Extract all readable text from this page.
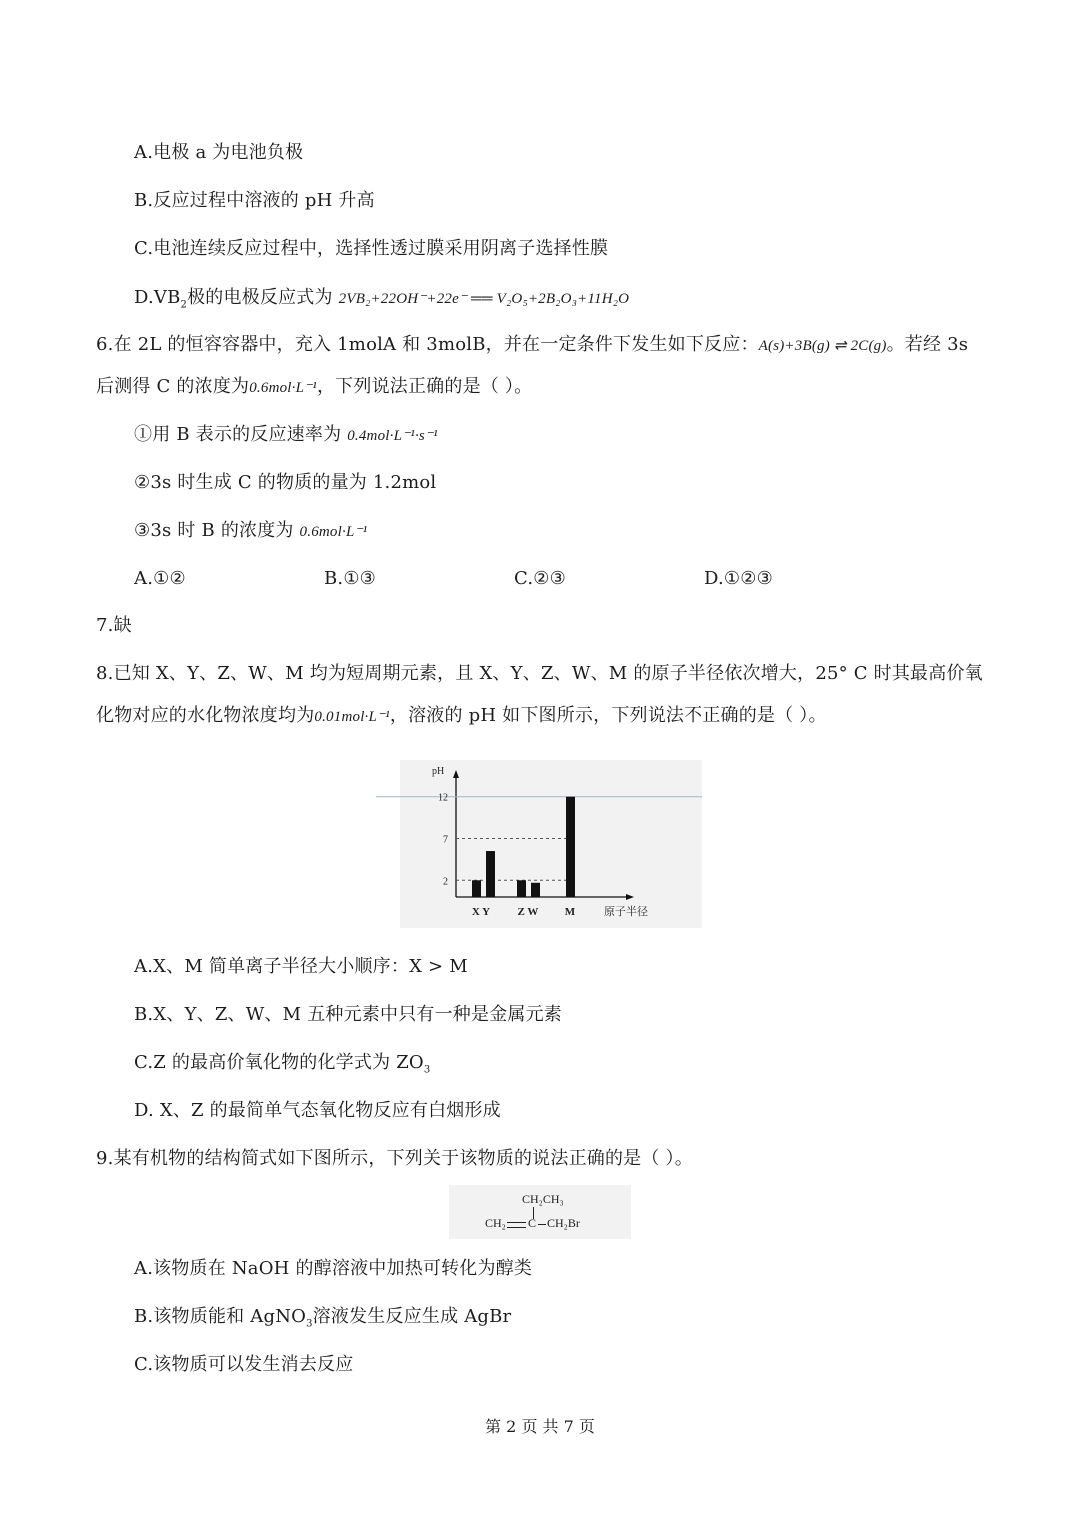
A.电极 a 为电池负极
B.反应过程中溶液的 pH 升高
C.电池连续反应过程中，选择性透过膜采用阴离子选择性膜
$D.VB_2$极的电极反应式为 2VB₂+22OH⁻+22e⁻ ══ V₂O₅+2B₂O₃+11H₂O
6.在 2L 的恒容容器中，充入 1molA 和 3molB，并在一定条件下发生如下反应：A(s)+3B(g) ⇌ 2C(g)。若经 3s
后测得 C 的浓度为0.6mol·L⁻¹，下列说法正确的是（ ）。
①用 B 表示的反应速率为 0.4mol·L⁻¹·s⁻¹
②3s 时生成 C 的物质的量为 1.2mol
③3s 时 B 的浓度为 0.6mol·L⁻¹
A.①②	B.①③	C.②③	D.①②③
7.缺
8.已知 X、Y、Z、W、M 均为短周期元素，且 X、Y、Z、W、M 的原子半径依次增大，25° C 时其最高价氧
化物对应的水化物浓度均为0.01mol·L⁻¹，溶液的 pH 如下图所示，下列说法不正确的是（ ）。
pH
2
7
12
X Y Z W M	原子半径
A.X、M 简单离子半径大小顺序：X > M
B.X、Y、Z、W、M 五种元素中只有一种是金属元素
C.Z 的最高价氧化物的化学式为 $ZO_3$
D. X、Z 的最简单气态氧化物反应有白烟形成
9.某有机物的结构简式如下图所示，下列关于该物质的说法正确的是（ ）。
CH₂CH₃
CH₂ C CH₂Br
A.该物质在 NaOH 的醇溶液中加热可转化为醇类
B.该物质能和 AgNO$_3$溶液发生反应生成 AgBr
C.该物质可以发生消去反应
第 2 页 共 7 页
